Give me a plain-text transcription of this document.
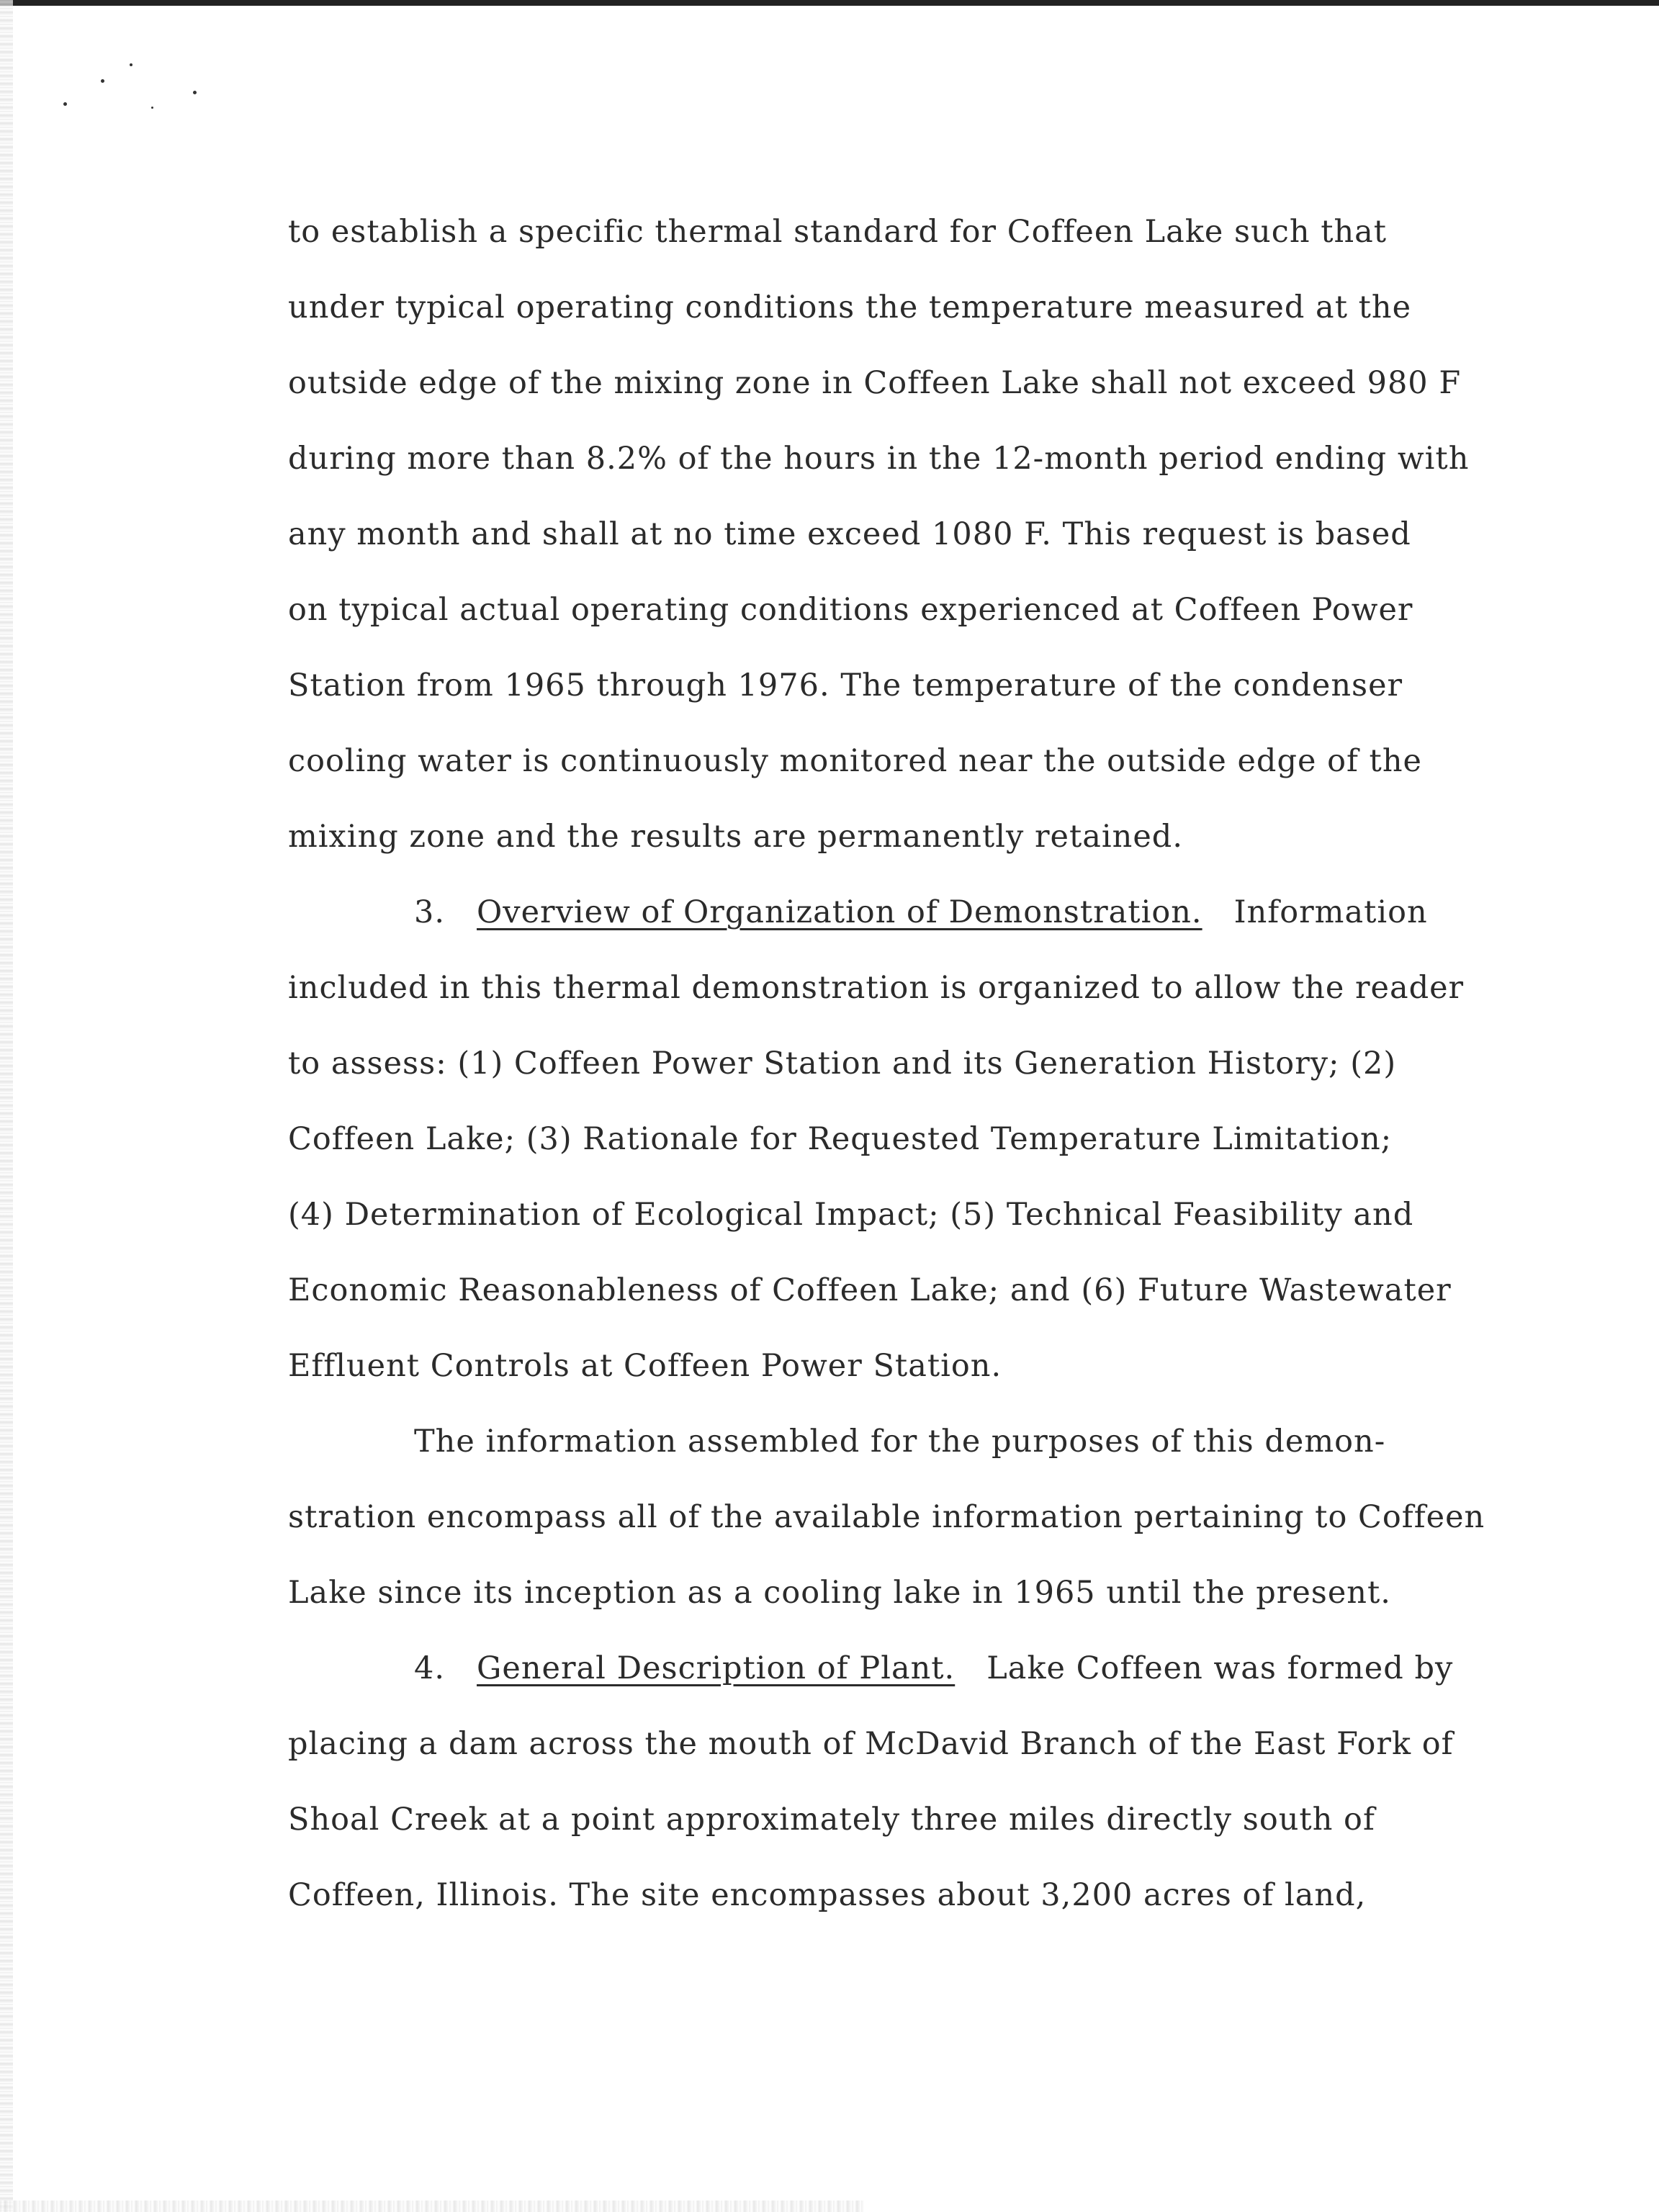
to establish a specific thermal standard for Coffeen Lake such that
under typical operating conditions the temperature measured at the
outside edge of the mixing zone in Coffeen Lake shall not exceed 980 F
during more than 8.2% of the hours in the 12-month period ending with
any month and shall at no time exceed 1080 F. This request is based
on typical actual operating conditions experienced at Coffeen Power
Station from 1965 through 1976. The temperature of the condenser
cooling water is continuously monitored near the outside edge of the
mixing zone and the results are permanently retained.

3. Overview of Organization of Demonstration. Information
included in this thermal demonstration is organized to allow the reader
to assess: (1) Coffeen Power Station and its Generation History; (2)
Coffeen Lake; (3) Rationale for Requested Temperature Limitation;
(4) Determination of Ecological Impact; (5) Technical Feasibility and
Economic Reasonableness of Coffeen Lake; and (6) Future Wastewater
Effluent Controls at Coffeen Power Station.

The information assembled for the purposes of this demon-
stration encompass all of the available information pertaining to Coffeen
Lake since its inception as a cooling lake in 1965 until the present.

4. General Description of Plant. Lake Coffeen was formed by
placing a dam across the mouth of McDavid Branch of the East Fork of
Shoal Creek at a point approximately three miles directly south of
Coffeen, Illinois. The site encompasses about 3,200 acres of land,
